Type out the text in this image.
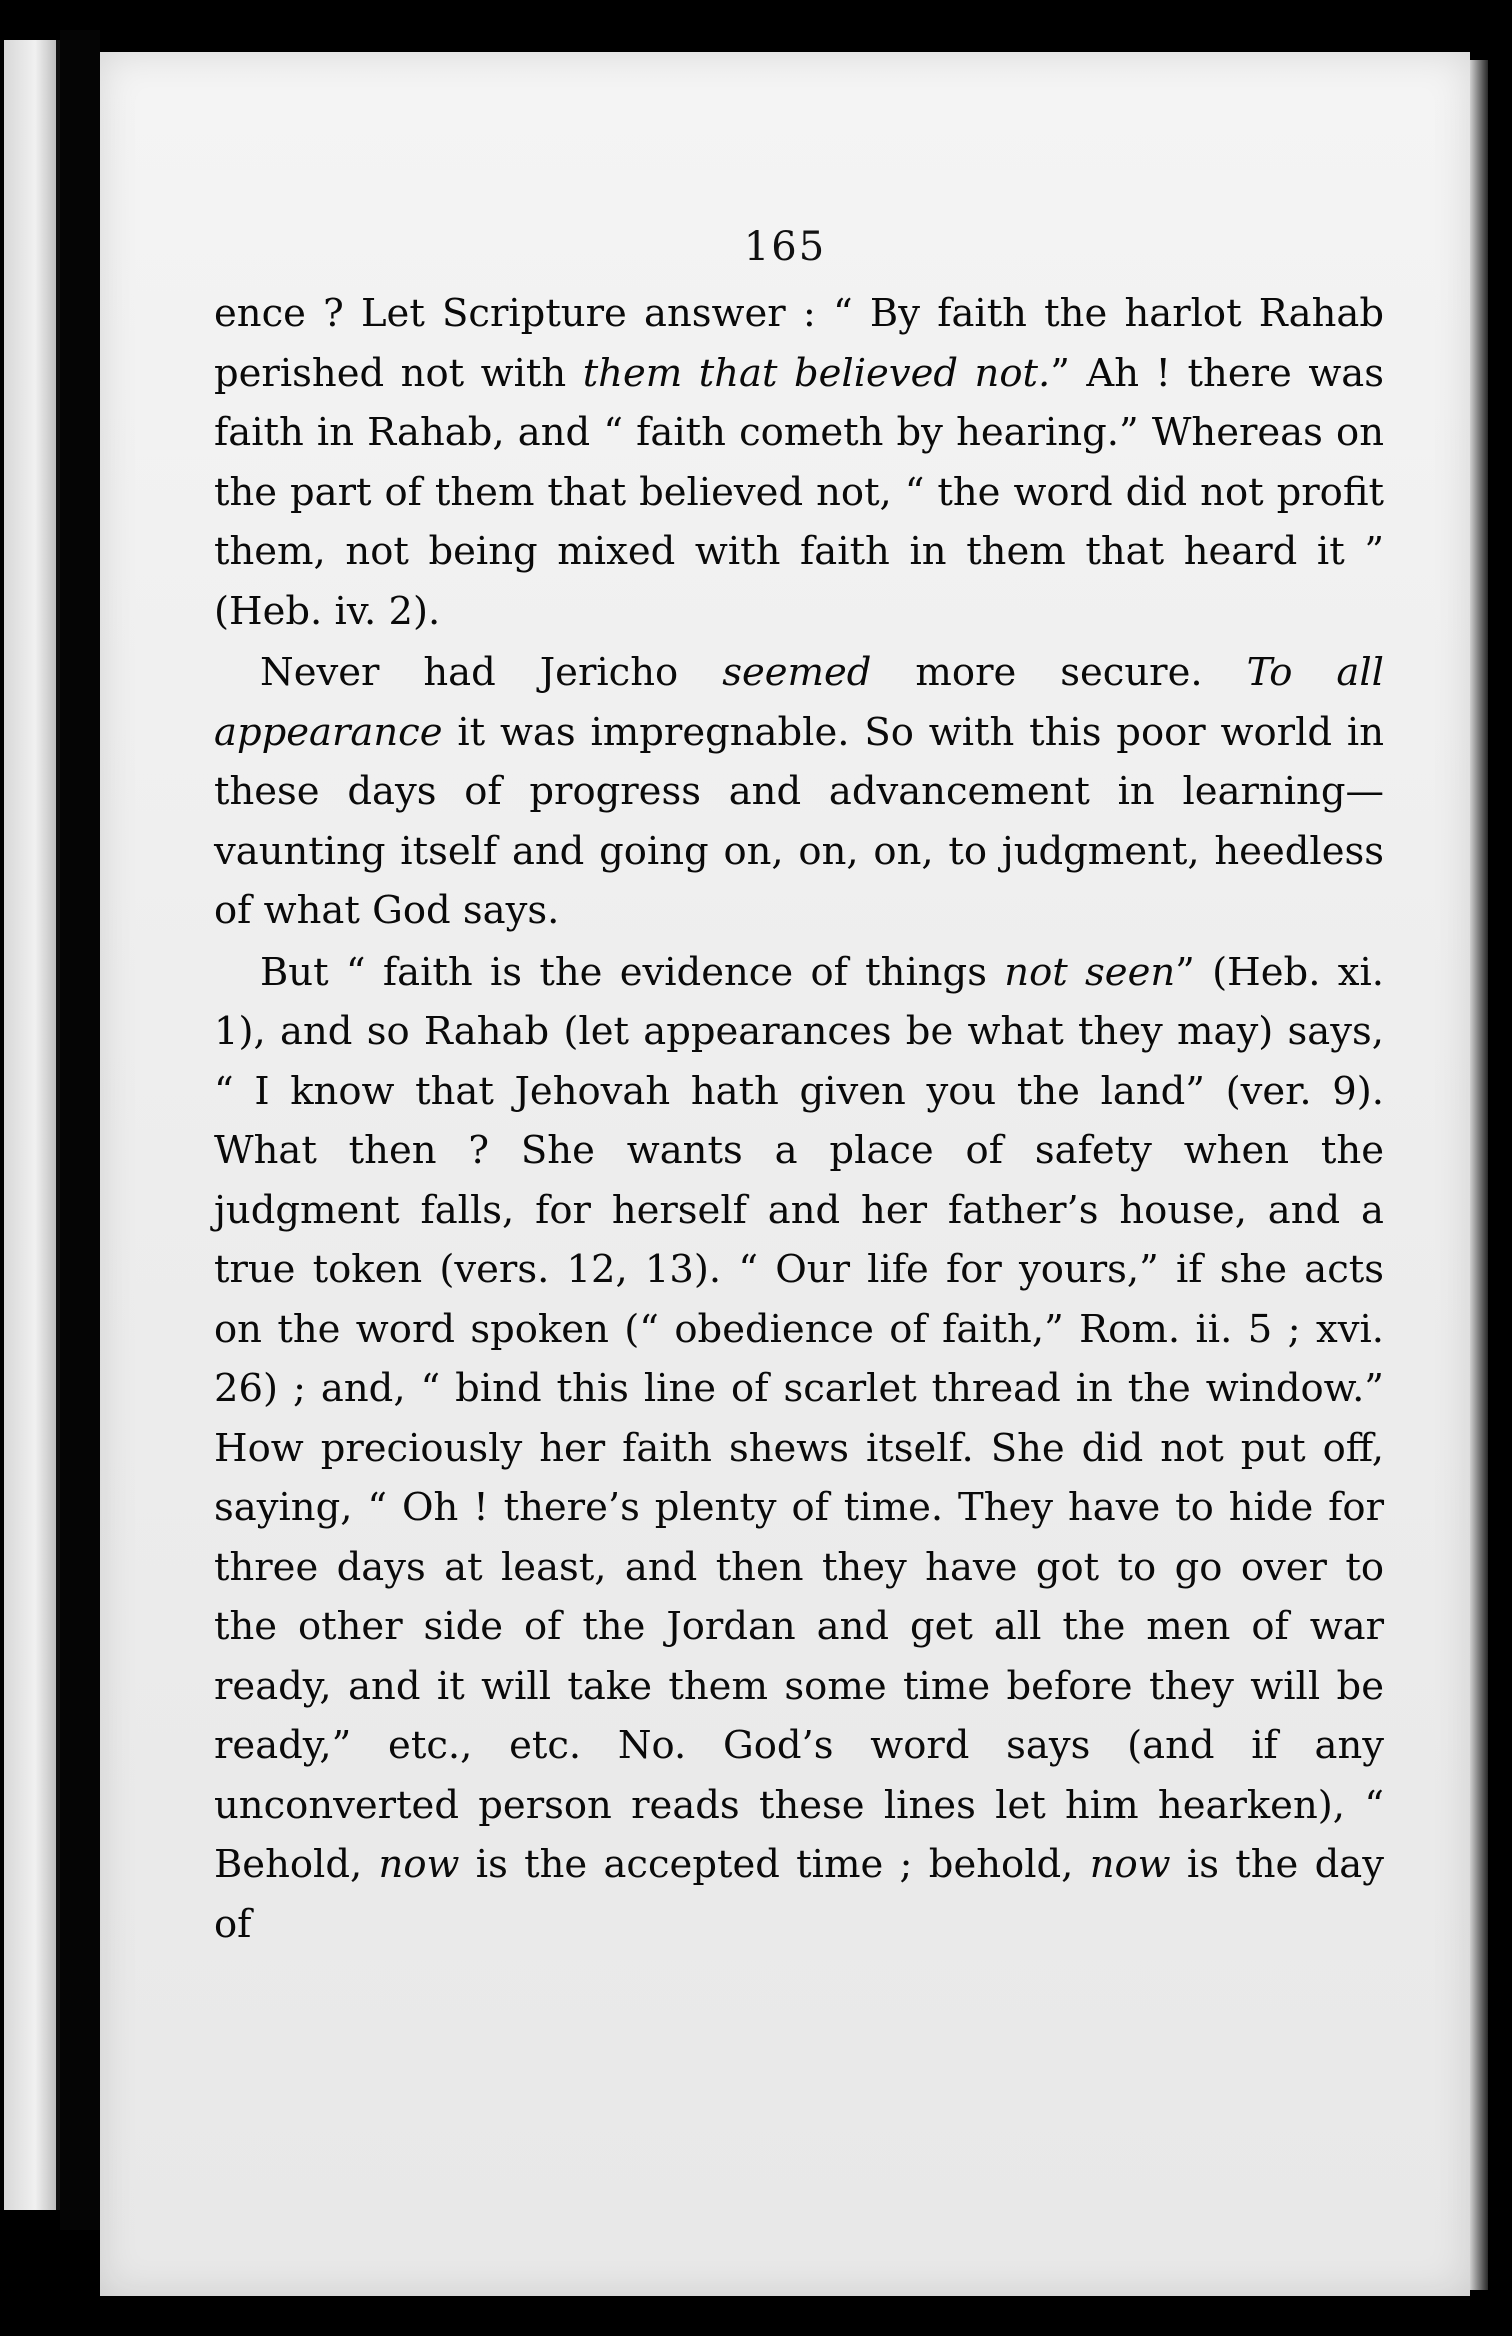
165

ence ? Let Scripture answer : “ By faith the harlot Rahab perished not with them that believed not.” Ah ! there was faith in Rahab, and “ faith cometh by hearing.” Whereas on the part of them that believed not, “ the word did not profit them, not being mixed with faith in them that heard it ” (Heb. iv. 2).

Never had Jericho seemed more secure. To all appearance it was impregnable. So with this poor world in these days of progress and advancement in learning—vaunting itself and going on, on, on, to judgment, heedless of what God says.

But “ faith is the evidence of things not seen” (Heb. xi. 1), and so Rahab (let appearances be what they may) says, “ I know that Jehovah hath given you the land” (ver. 9). What then ? She wants a place of safety when the judgment falls, for herself and her father’s house, and a true token (vers. 12, 13). “ Our life for yours,” if she acts on the word spoken (“ obedience of faith,” Rom. ii. 5 ; xvi. 26) ; and, “ bind this line of scarlet thread in the window.” How preciously her faith shews itself. She did not put off, saying, “ Oh ! there’s plenty of time. They have to hide for three days at least, and then they have got to go over to the other side of the Jordan and get all the men of war ready, and it will take them some time before they will be ready,” etc., etc. No. God’s word says (and if any unconverted person reads these lines let him hearken), “ Behold, now is the accepted time ; behold, now is the day of
